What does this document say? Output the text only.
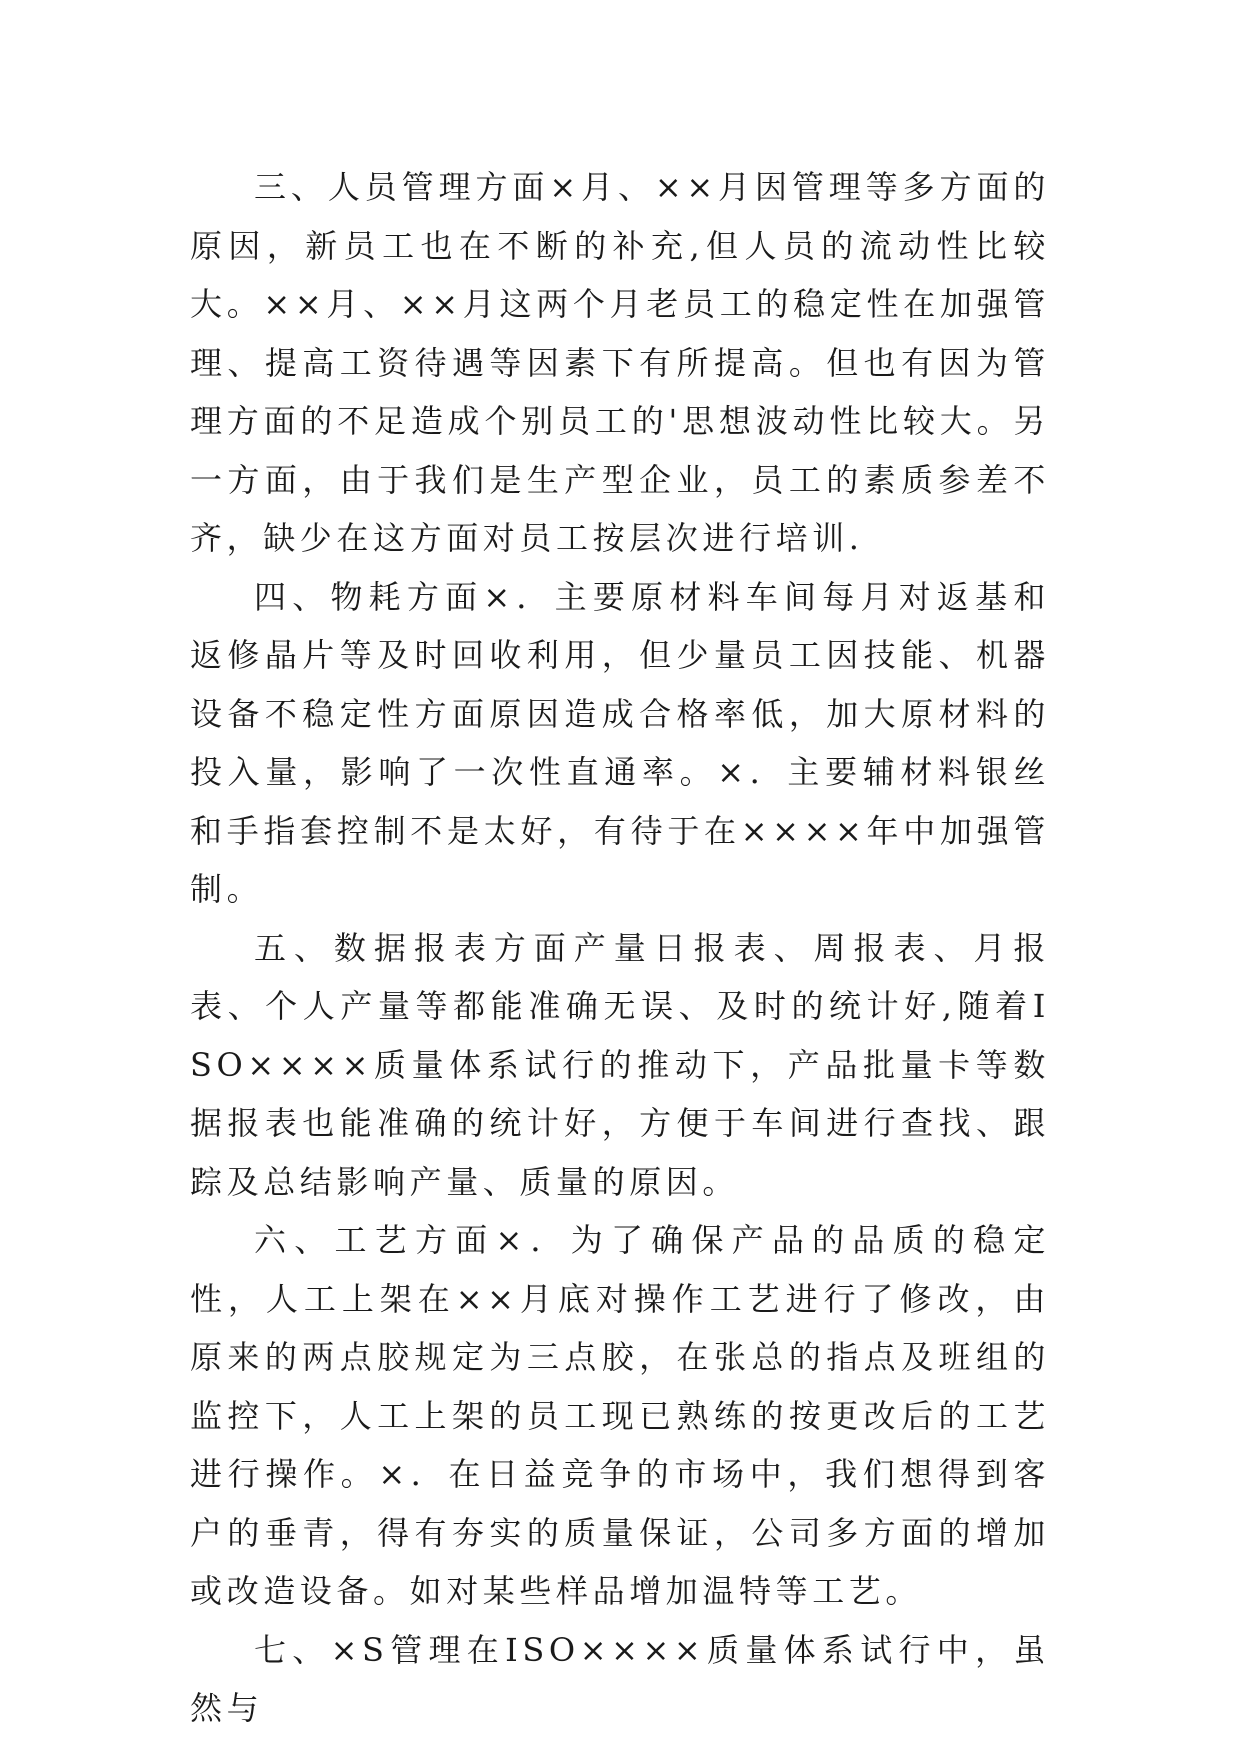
三、人员管理方面×月、××月因管理等多方面的原因，新员工也在不断的补充,但人员的流动性比较大。××月、××月这两个月老员工的稳定性在加强管理、提高工资待遇等因素下有所提高。但也有因为管理方面的不足造成个别员工的'思想波动性比较大。另一方面，由于我们是生产型企业，员工的素质参差不齐，缺少在这方面对员工按层次进行培训.

四、物耗方面×．主要原材料车间每月对返基和返修晶片等及时回收利用，但少量员工因技能、机器设备不稳定性方面原因造成合格率低，加大原材料的投入量，影响了一次性直通率。×．主要辅材料银丝和手指套控制不是太好，有待于在××××年中加强管制。

五、数据报表方面产量日报表、周报表、月报表、个人产量等都能准确无误、及时的统计好,随着ISO××××质量体系试行的推动下，产品批量卡等数据报表也能准确的统计好，方便于车间进行查找、跟踪及总结影响产量、质量的原因。

六、工艺方面×．为了确保产品的品质的稳定性，人工上架在××月底对操作工艺进行了修改，由原来的两点胶规定为三点胶，在张总的指点及班组的监控下，人工上架的员工现已熟练的按更改后的工艺进行操作。×．在日益竞争的市场中，我们想得到客户的垂青，得有夯实的质量保证，公司多方面的增加或改造设备。如对某些样品增加温特等工艺。

七、×S管理在ISO××××质量体系试行中，虽然与
